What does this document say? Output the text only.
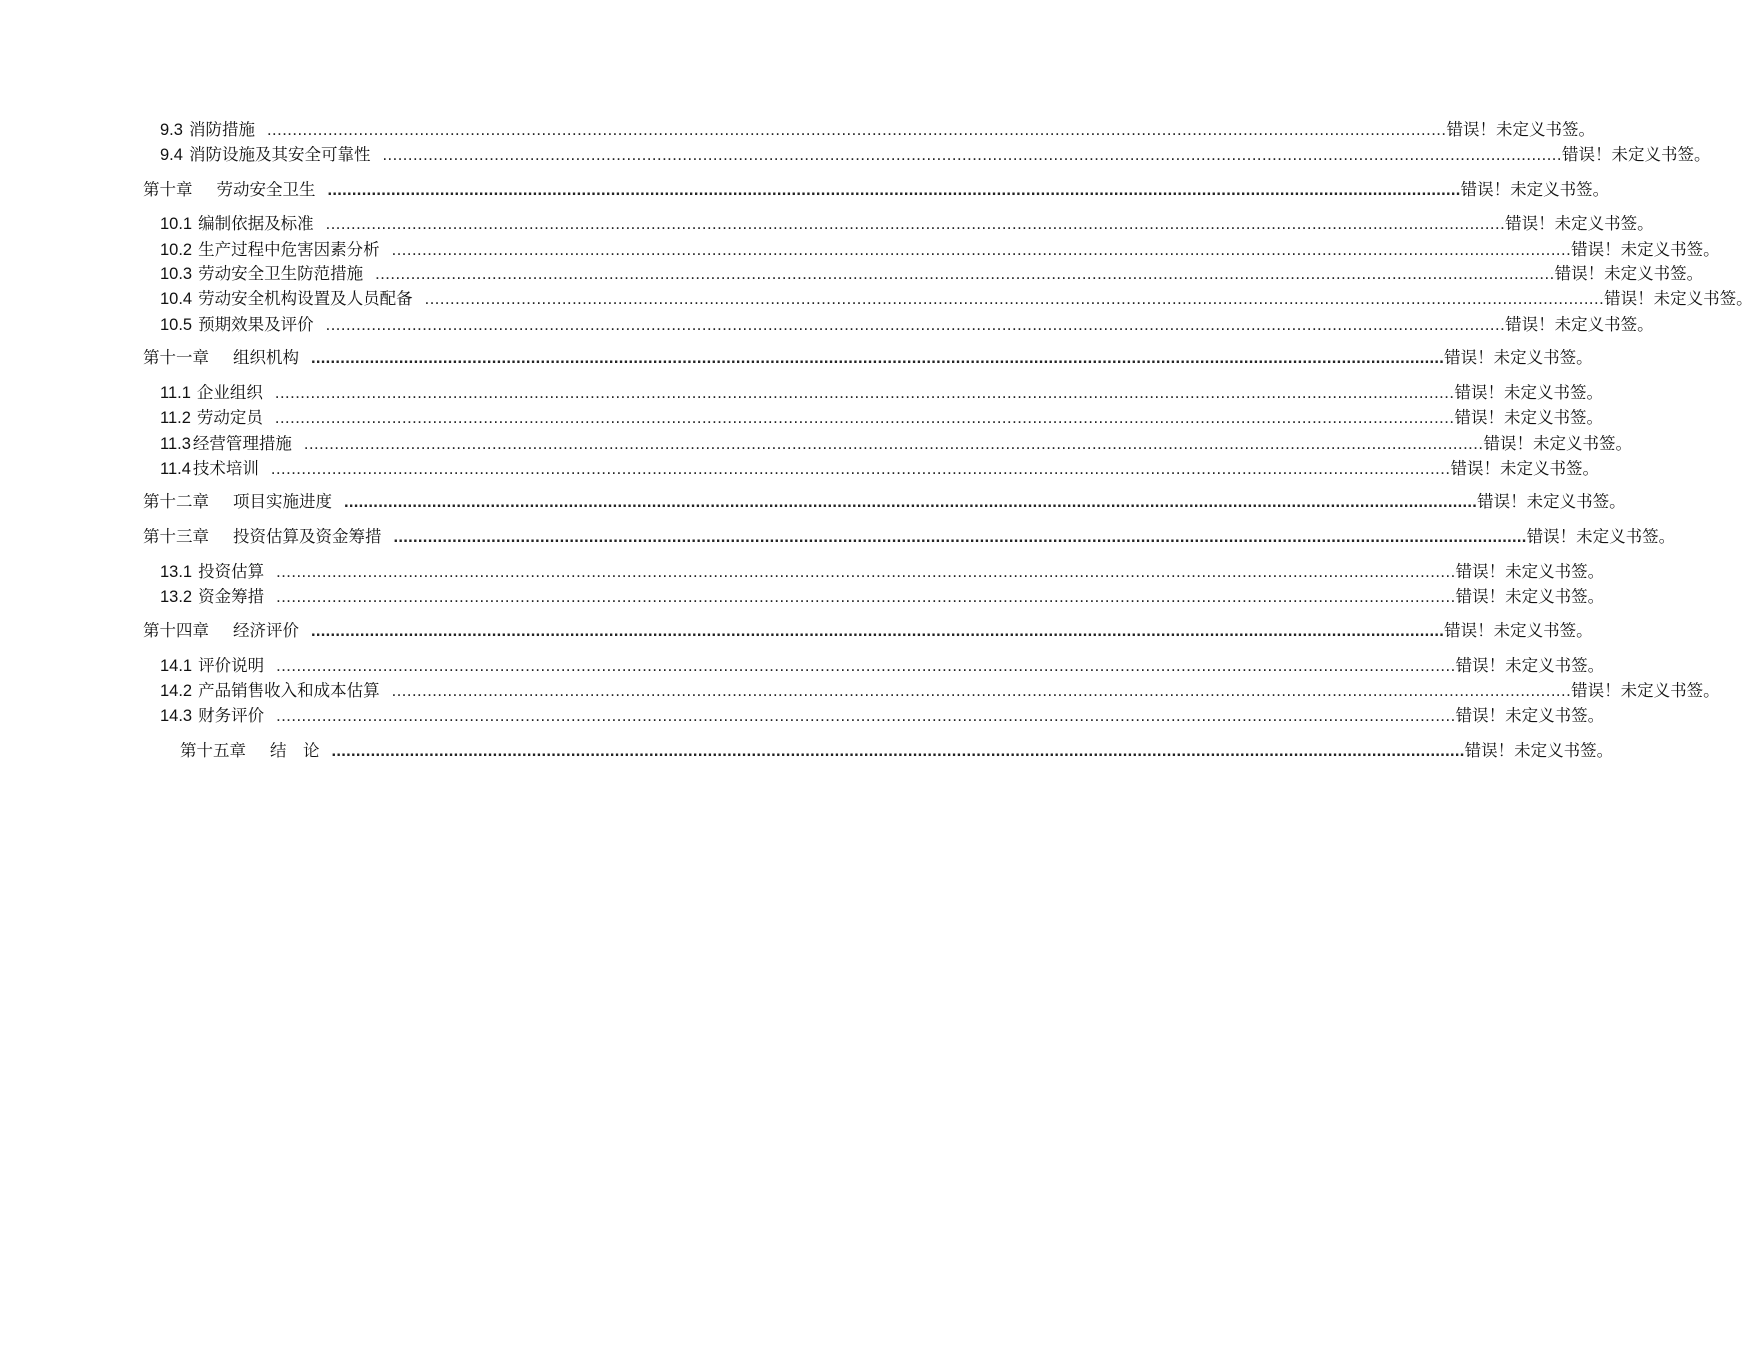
9.3 消防措施 ........................................................................................................................................................................................................................................ 错误！未定义书签。
9.4 消防设施及其安全可靠性 ........................................................................................................................................................................................................................................ 错误！未定义书签。
第十章 劳动安全卫生 ........................................................................................................................................................................................................................................ 错误！未定义书签。
10.1 编制依据及标准 ........................................................................................................................................................................................................................................ 错误！未定义书签。
10.2 生产过程中危害因素分析 ........................................................................................................................................................................................................................................ 错误！未定义书签。
10.3 劳动安全卫生防范措施 ........................................................................................................................................................................................................................................ 错误！未定义书签。
10.4 劳动安全机构设置及人员配备 ........................................................................................................................................................................................................................................ 错误！未定义书签。
10.5 预期效果及评价 ........................................................................................................................................................................................................................................ 错误！未定义书签。
第十一章 组织机构 ........................................................................................................................................................................................................................................ 错误！未定义书签。
11.1 企业组织 ........................................................................................................................................................................................................................................ 错误！未定义书签。
11.2 劳动定员 ........................................................................................................................................................................................................................................ 错误！未定义书签。
11.3 经营管理措施 ........................................................................................................................................................................................................................................ 错误！未定义书签。
11.4 技术培训 ........................................................................................................................................................................................................................................ 错误！未定义书签。
第十二章 项目实施进度 ........................................................................................................................................................................................................................................ 错误！未定义书签。
第十三章 投资估算及资金筹措 ........................................................................................................................................................................................................................................ 错误！未定义书签。
13.1 投资估算 ........................................................................................................................................................................................................................................ 错误！未定义书签。
13.2 资金筹措 ........................................................................................................................................................................................................................................ 错误！未定义书签。
第十四章 经济评价 ........................................................................................................................................................................................................................................ 错误！未定义书签。
14.1 评价说明 ........................................................................................................................................................................................................................................ 错误！未定义书签。
14.2 产品销售收入和成本估算 ........................................................................................................................................................................................................................................ 错误！未定义书签。
14.3 财务评价 ........................................................................................................................................................................................................................................ 错误！未定义书签。
第十五章 结　论 ........................................................................................................................................................................................................................................ 错误！未定义书签。
